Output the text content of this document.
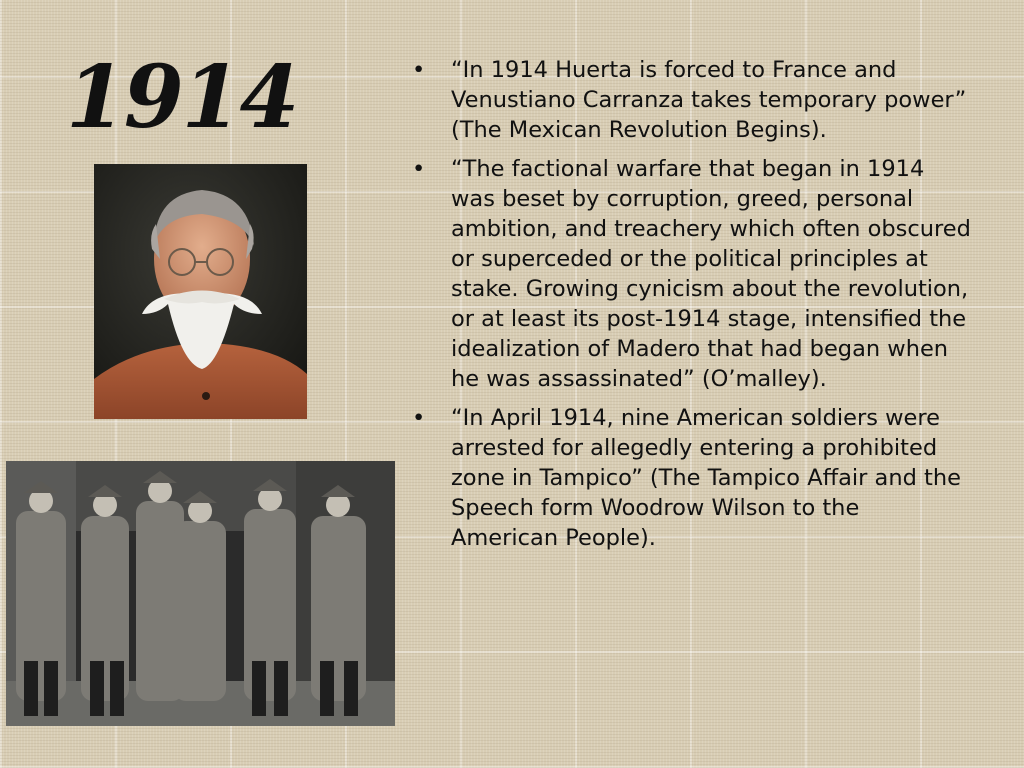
1914	• “In 1914 Huerta is forced to France and Venustiano Carranza takes temporary power” (The Mexican Revolution Begins).
• “The factional warfare that began in 1914 was beset by corruption, greed, personal ambition, and treachery which often obscured or superceded or the political principles at stake. Growing cynicism about the revolution, or at least its post-1914 stage, intensified the idealization of Madero that had began when he was assassinated” (O’malley).
• “In April 1914, nine American soldiers were arrested for allegedly entering a prohibited zone in Tampico” (The Tampico Affair and the Speech form Woodrow Wilson to the American People).
